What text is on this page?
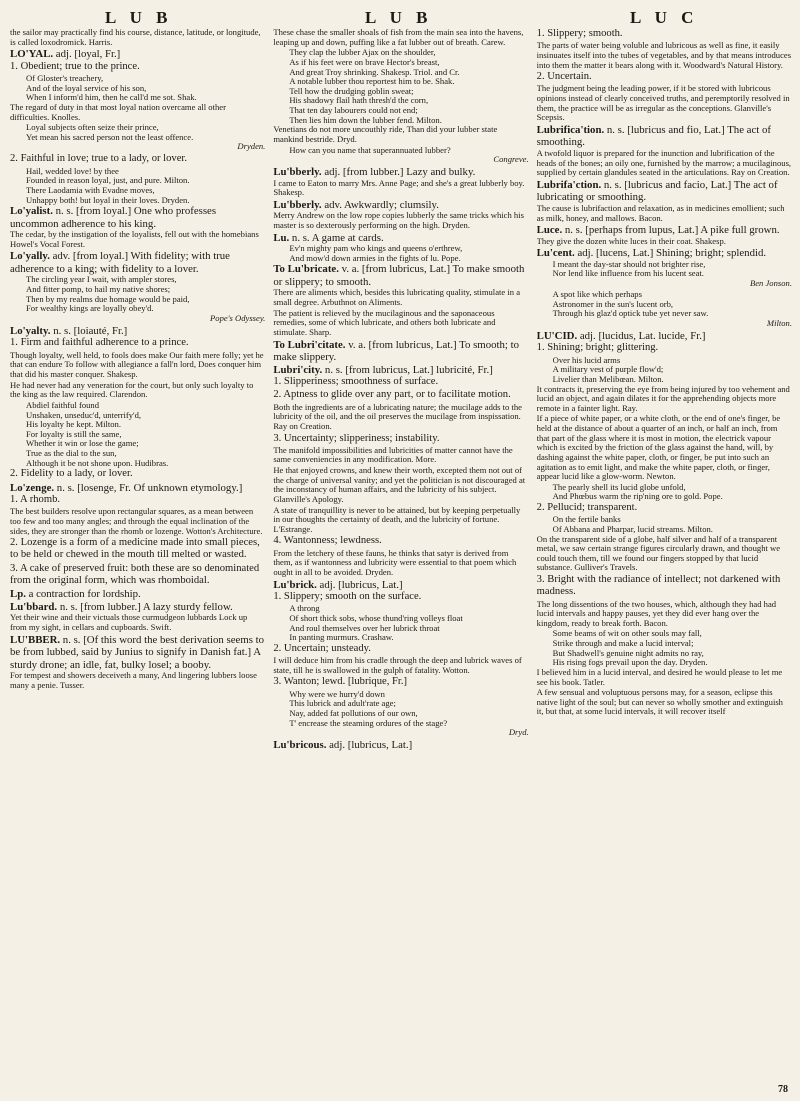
L U B	L U B	L U C

the sailor may practically find his course, distance, latitude, or longitude, is called loxodromick. Harris.

LO'YAL. adj. [loyal, Fr.]

1. Obedient; true to the prince.

Of Gloster's treachery,

And of the loyal service of his son,

When I inform'd him, then he call'd me sot. Shak.

The regard of duty in that most loyal nation overcame all other difficulties. Knolles.

Loyal subjects often seize their prince,

Yet mean his sacred person not the least offence.

Dryden.

2. Faithful in love; true to a lady, or lover.

Hail, wedded love! by thee

Founded in reason loyal, just, and pure. Milton.

There Laodamia with Evadne moves,

Unhappy both! but loyal in their loves. Dryden.

Lo'yalist. n. s. [from loyal.] One who professes uncommon adherence to his king.

The cedar, by the instigation of the loyalists, fell out with the homebians Howel's Vocal Forest.

Lo'yally. adv. [from loyal.] With fidelity; with true adherence to a king; with fidelity to a lover.

The circling year I wait, with ampler stores,

And fitter pomp, to hail my native shores;

Then by my realms due homage would be paid,

For wealthy kings are loyally obey'd.

Pope's Odyssey.

Lo'yalty. n. s. [loiauté, Fr.]

1. Firm and faithful adherence to a prince.

Though loyalty, well held, to fools does make Our faith mere folly; yet he that can endure To follow with allegiance a fall'n lord, Does conquer him that did his master conquer. Shakesp.

He had never had any veneration for the court, but only such loyalty to the king as the law required. Clarendon.

Abdiel faithful found

Unshaken, unseduc'd, unterrify'd,

His loyalty he kept. Milton.

For loyalty is still the same,

Whether it win or lose the game;

True as the dial to the sun,

Although it be not shone upon. Hudibras.

2. Fidelity to a lady, or lover.

Lo'zenge. n. s. [losenge, Fr. Of unknown etymology.]

1. A rhomb.

The best builders resolve upon rectangular squares, as a mean between too few and too many angles; and through the equal inclination of the sides, they are stronger than the rhomb or lozenge. Wotton's Architecture.

2. Lozenge is a form of a medicine made into small pieces, to be held or chewed in the mouth till melted or wasted.

3. A cake of preserved fruit: both these are so denominated from the original form, which was rhomboidal.

Lp. a contraction for lordship.

Lu'bbard. n. s. [from lubber.] A lazy sturdy fellow.

Yet their wine and their victuals those curmudgeon lubbards Lock up from my sight, in cellars and cupboards. Swift.

LU'BBER. n. s. [Of this word the best derivation seems to be from lubbed, said by Junius to signify in Danish fat.] A sturdy drone; an idle, fat, bulky losel; a booby.

For tempest and showers deceiveth a many, And lingering lubbers loose many a penie. Tusser.

These chase the smaller shoals of fish from the main sea into the havens, leaping up and down, puffing like a fat lubber out of breath. Carew.

They clap the lubber Ajax on the shoulder,

As if his feet were on brave Hector's breast,

And great Troy shrinking. Shakesp. Triol. and Cr.

A notable lubber thou reportest him to be. Shak.

Tell how the drudging goblin sweat;

His shadowy flail hath thresh'd the corn,

That ten day labourers could not end;

Then lies him down the lubber fend. Milton.

Venetians do not more uncouthly ride, Than did your lubber state mankind bestride. Dryd.

How can you name that superannuated lubber?

Congreve.

Lu'bberly. adj. [from lubber.] Lazy and bulky.

I came to Eaton to marry Mrs. Anne Page; and she's a great lubberly boy. Shakesp.

Lu'bberly. adv. Awkwardly; clumsily.

Merry Andrew on the low rope copies lubberly the same tricks which his master is so dexterously performing on the high. Dryden.

Lu. n. s. A game at cards.

Ev'n mighty pam who kings and queens o'erthrew,

And mow'd down armies in the fights of lu. Pope.

To Lu'bricate. v. a. [from lubricus, Lat.] To make smooth or slippery; to smooth.

There are aliments which, besides this lubricating quality, stimulate in a small degree. Arbuthnot on Aliments.

The patient is relieved by the mucilaginous and the saponaceous remedies, some of which lubricate, and others both lubricate and stimulate. Sharp.

To Lubri'citate. v. a. [from lubricus, Lat.] To smooth; to make slippery.

Lubri'city. n. s. [from lubricus, Lat.] lubricité, Fr.]

1. Slipperiness; smoothness of surface.

2. Aptness to glide over any part, or to facilitate motion.

Both the ingredients are of a lubricating nature; the mucilage adds to the lubricity of the oil, and the oil preserves the mucilage from inspissation. Ray on Creation.

3. Uncertainty; slipperiness; instability.

The manifold impossibilities and lubricities of matter cannot have the same conveniencies in any modification. More.

He that enjoyed crowns, and knew their worth, excepted them not out of the charge of universal vanity; and yet the politician is not discouraged at the inconstancy of human affairs, and the lubricity of his subject. Glanville's Apology.

A state of tranquillity is never to be attained, but by keeping perpetually in our thoughts the certainty of death, and the lubricity of fortune. L'Estrange.

4. Wantonness; lewdness.

From the letchery of these fauns, he thinks that satyr is derived from them, as if wantonness and lubricity were essential to that poem which ought in all to be avoided. Dryden.

Lu'brick. adj. [lubricus, Lat.]

1. Slippery; smooth on the surface.

A throng

Of short thick sobs, whose thund'ring volleys float

And roul themselves over her lubrick throat

In panting murmurs. Crashaw.

2. Uncertain; unsteady.

I will deduce him from his cradle through the deep and lubrick waves of state, till he is swallowed in the gulph of fatality. Wotton.

3. Wanton; lewd. [lubrique, Fr.]

Why were we hurry'd down

This lubrick and adult'rate age;

Nay, added fat pollutions of our own,

T' encrease the steaming ordures of the stage?

Dryd.

Lu'bricous. adj. [lubricus, Lat.]

1. Slippery; smooth.

The parts of water being voluble and lubricous as well as fine, it easily insinuates itself into the tubes of vegetables, and by that means introduces into them the matter it bears along with it. Woodward's Natural History.

2. Uncertain.

The judgment being the leading power, if it be stored with lubricous opinions instead of clearly conceived truths, and peremptorily resolved in them, the practice will be as irregular as the conceptions. Glanville's Scepsis.

Lubrifica'tion. n. s. [lubricus and fio, Lat.] The act of smoothing.

A twofold liquor is prepared for the inunction and lubrification of the heads of the bones; an oily one, furnished by the marrow; a mucilaginous, supplied by certain glandules seated in the articulations. Ray on Creation.

Lubrifa'ction. n. s. [lubricus and facio, Lat.] The act of lubricating or smoothing.

The cause is lubrifaction and relaxation, as in medicines emollient; such as milk, honey, and mallows. Bacon.

Luce. n. s. [perhaps from lupus, Lat.] A pike full grown.

They give the dozen white luces in their coat. Shakesp.

Lu'cent. adj. [lucens, Lat.] Shining; bright; splendid.

I meant the day-star should not brighter rise,

Nor lend like influence from his lucent seat.

Ben Jonson.

A spot like which perhaps

Astronomer in the sun's lucent orb,

Through his glaz'd optick tube yet never saw.

Milton.

LU'CID. adj. [lucidus, Lat. lucide, Fr.]

1. Shining; bright; glittering.

Over his lucid arms

A military vest of purple flow'd;

Livelier than Melibœan. Milton.

It contracts it, preserving the eye from being injured by too vehement and lucid an object, and again dilates it for the apprehending objects more remote in a fainter light. Ray.

If a piece of white paper, or a white cloth, or the end of one's finger, be held at the distance of about a quarter of an inch, or half an inch, from that part of the glass where it is most in motion, the electrick vapour which is excited by the friction of the glass against the hand, will, by dashing against the white paper, cloth, or finger, be put into such an agitation as to emit light, and make the white paper, cloth, or finger, appear lucid like a glow-worm. Newton.

The pearly shell its lucid globe unfold,

And Phœbus warm the rip'ning ore to gold. Pope.

2. Pellucid; transparent.

On the fertile banks

Of Abbana and Pharpar, lucid streams. Milton.

On the transparent side of a globe, half silver and half of a transparent metal, we saw certain strange figures circularly drawn, and thought we could touch them, till we found our fingers stopped by that lucid substance. Gulliver's Travels.

3. Bright with the radiance of intellect; not darkened with madness.

The long dissentions of the two houses, which, although they had had lucid intervals and happy pauses, yet they did ever hang over the kingdom, ready to break forth. Bacon.

Some beams of wit on other souls may fall,

Strike through and make a lucid interval;

But Shadwell's genuine night admits no ray,

His rising fogs prevail upon the day. Dryden.

I believed him in a lucid interval, and desired he would please to let me see his book. Tatler.

A few sensual and voluptuous persons may, for a season, eclipse this native light of the soul; but can never so wholly smother and extinguish it, but that, at some lucid intervals, it will recover itself

78
